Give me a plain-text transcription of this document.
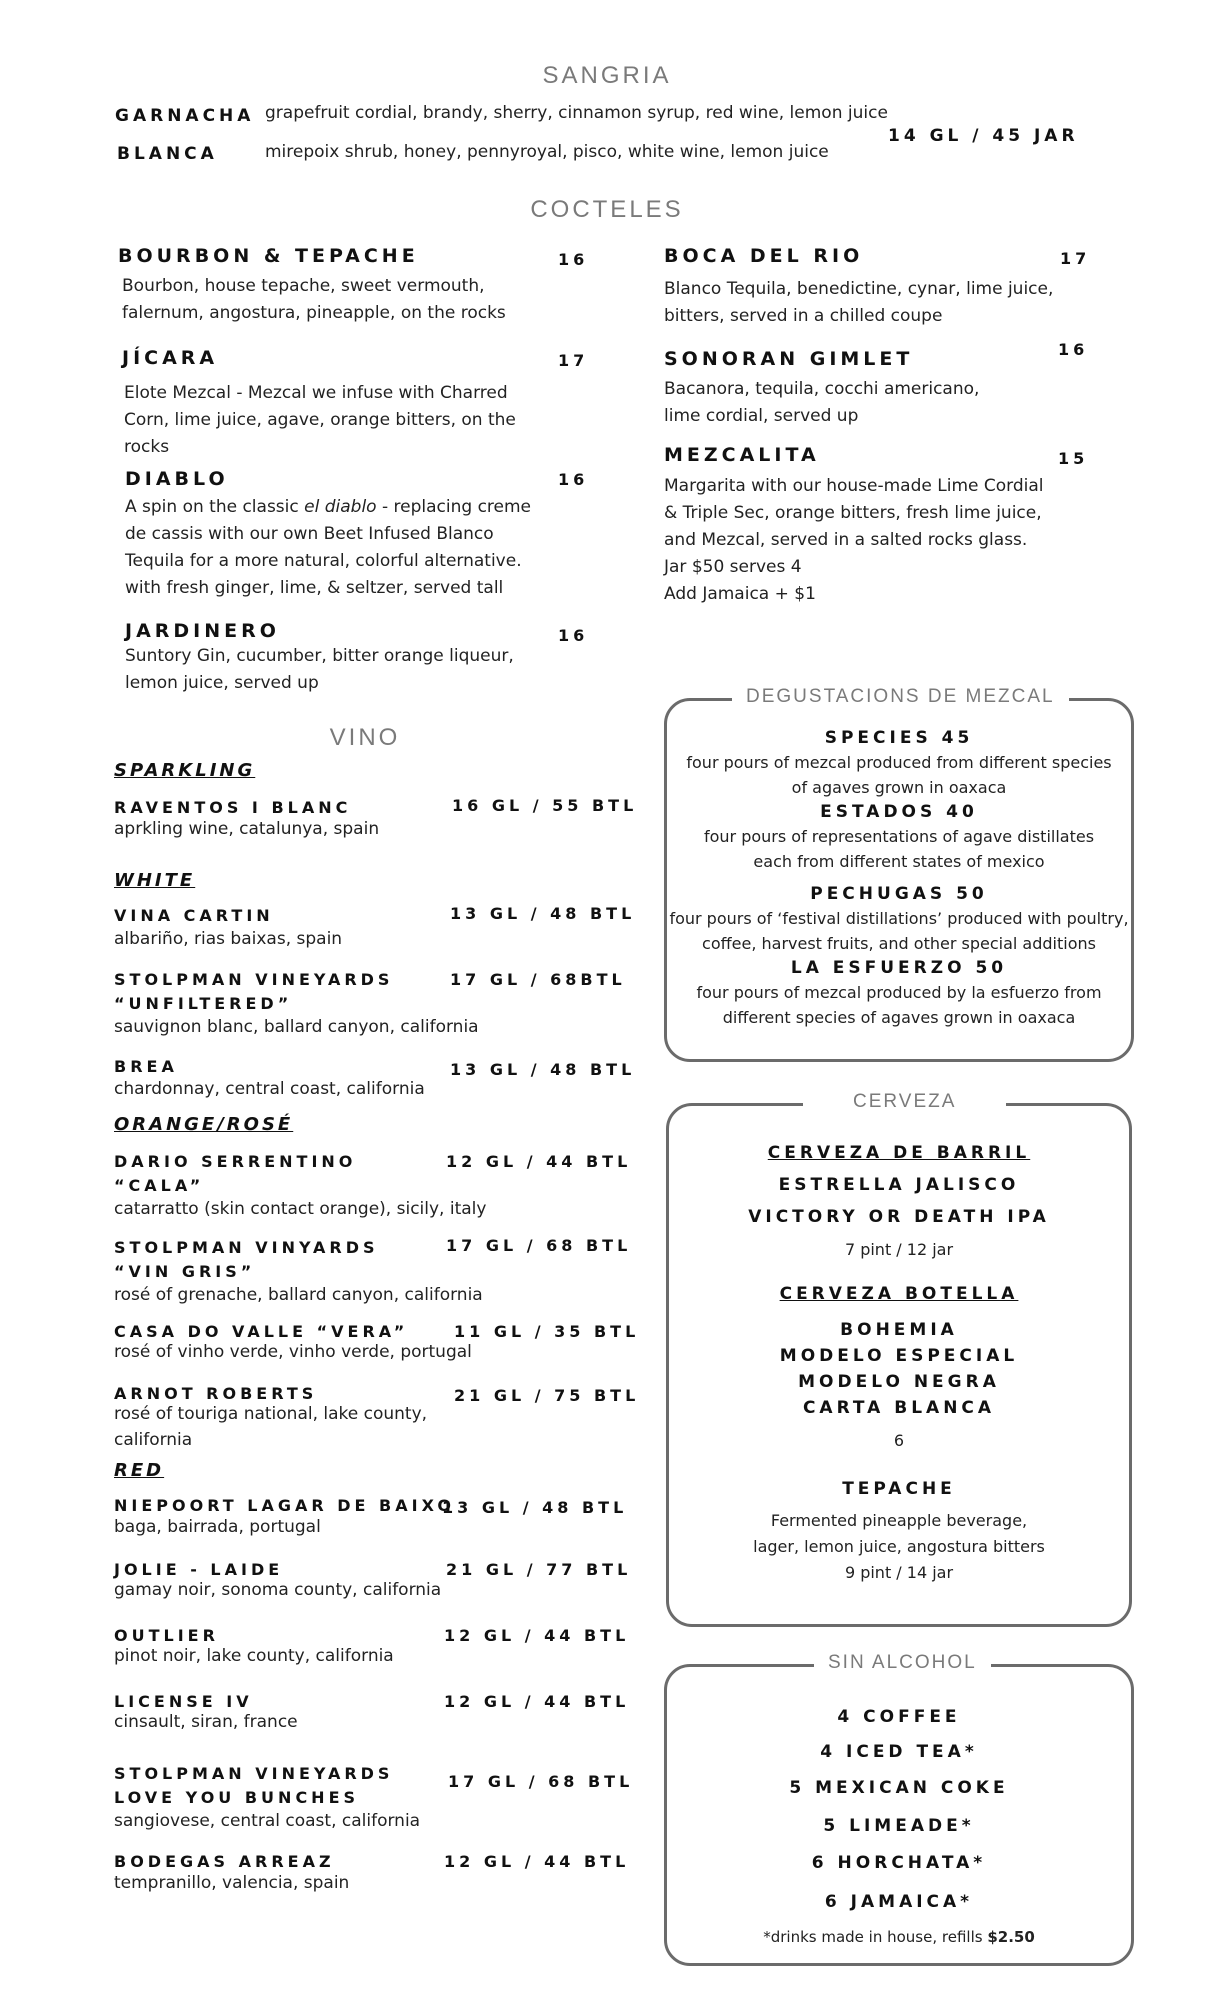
SANGRIA
GARNACHA grapefruit cordial, brandy, sherry, cinnamon syrup, red wine, lemon juice
BLANCA	mirepoix shrub, honey, pennyroyal, pisco, white wine, lemon juice
14 GL / 45 JAR
COCTELES
BOURBON & TEPACHE	16
Bourbon, house tepache, sweet vermouth,
falernum, angostura, pineapple, on the rocks
JÍCARA	17
Elote Mezcal - Mezcal we infuse with Charred
Corn, lime juice, agave, orange bitters, on the
rocks
DIABLO	16
A spin on the classic el diablo - replacing creme
de cassis with our own Beet Infused Blanco
Tequila for a more natural, colorful alternative.
with fresh ginger, lime, & seltzer, served tall
JARDINERO	16
Suntory Gin, cucumber, bitter orange liqueur,
lemon juice, served up
BOCA DEL RIO	17
Blanco Tequila, benedictine, cynar, lime juice,
bitters, served in a chilled coupe
SONORAN GIMLET	16
Bacanora, tequila, cocchi americano,
lime cordial, served up
MEZCALITA	15
Margarita with our house-made Lime Cordial
& Triple Sec, orange bitters, fresh lime juice,
and Mezcal, served in a salted rocks glass.
Jar $50 serves 4
Add Jamaica + $1
VINO
SPARKLING
RAVENTOS I BLANC
aprkling wine, catalunya, spain
16 GL / 55 BTL
WHITE
VINA CARTIN
albariño, rias baixas, spain
13 GL / 48 BTL
STOLPMAN VINEYARDS
“UNFILTERED”
sauvignon blanc, ballard canyon, california
17 GL / 68BTL
BREA
chardonnay, central coast, california
13 GL / 48 BTL
ORANGE/ROSÉ
DARIO SERRENTINO
“CALA”
catarratto (skin contact orange), sicily, italy
12 GL / 44 BTL
STOLPMAN VINYARDS
“VIN GRIS”
rosé of grenache, ballard canyon, california
17 GL / 68 BTL
CASA DO VALLE “VERA”
rosé of vinho verde, vinho verde, portugal
11 GL / 35 BTL
ARNOT ROBERTS
rosé of touriga national, lake county,
california
21 GL / 75 BTL
RED
NIEPOORT LAGAR DE BAIXO
baga, bairrada, portugal
13 GL / 48 BTL
JOLIE - LAIDE
gamay noir, sonoma county, california
21 GL / 77 BTL
OUTLIER
pinot noir, lake county, california
12 GL / 44 BTL
LICENSE IV
cinsault, siran, france
12 GL / 44 BTL
STOLPMAN VINEYARDS
LOVE YOU BUNCHES
sangiovese, central coast, california
17 GL / 68 BTL
BODEGAS ARREAZ
tempranillo, valencia, spain
12 GL / 44 BTL
DEGUSTACIONS DE MEZCAL
SPECIES 45
four pours of mezcal produced from different species
of agaves grown in oaxaca
ESTADOS 40
four pours of representations of agave distillates
each from different states of mexico
PECHUGAS 50
four pours of ‘festival distillations’ produced with poultry,
coffee, harvest fruits, and other special additions
LA ESFUERZO 50
four pours of mezcal produced by la esfuerzo from
different species of agaves grown in oaxaca
CERVEZA
CERVEZA DE BARRIL
ESTRELLA JALISCO
VICTORY OR DEATH IPA
7 pint / 12 jar
CERVEZA BOTELLA
BOHEMIA
MODELO ESPECIAL
MODELO NEGRA
CARTA BLANCA
6
TEPACHE
Fermented pineapple beverage,
lager, lemon juice, angostura bitters
9 pint / 14 jar
SIN ALCOHOL
4 COFFEE
4 ICED TEA*
5 MEXICAN COKE
5 LIMEADE*
6 HORCHATA*
6 JAMAICA*
*drinks made in house, refills $2.50
